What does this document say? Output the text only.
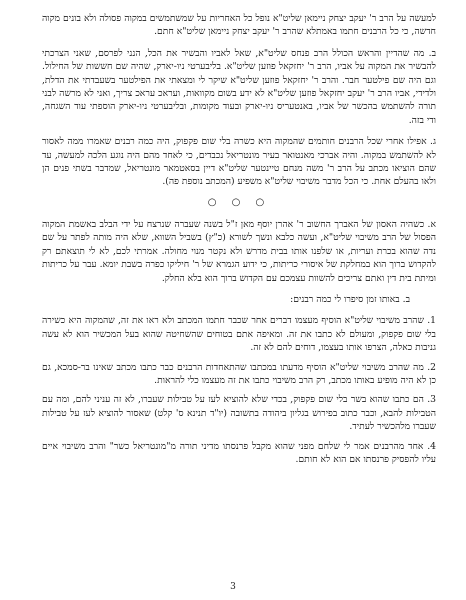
למעשה על הרב ר' יעקב יצחק ניימאן שליט"א נופל כל האחריות על שמשתמשים במקוה פסולה ולא בונים מקוה חדשה, כי כל הרבנים חתמו באמתלא שהרב ר' יעקב יצחק ניימאן שליט"א חתם.

ב. מה שהדיין והראש הכולל הרב פנחס שליט"א, שאל לאביו והבשיר את הכל, הנני לפרסם, שאני הצרכתי להבשיר את המקוה על אביו, הרב ר' יחזקאל פוזען שליט"א. בליבערטי ניו-יארק, שהיה שם חששות של החילול. וגם היה שם פילטער חבר. והרב ר' יחזקאל פוזען שליט"א שיקר לי ומצאתי את הפילטער בשעבדתי את הדלת, ולדידי, אביו הרב ר' יעקב יחזקאל פוזען שליט"א לא ידע בשום מקוואות, ועראכ עראכ צריך, ואני לא מרשה לבני תורה להשתמש בהכשר של אביו, באנטעריס ניו-יארק ובעוד מקומות, ובליבערטי ניו-יארק הוספתי עוד השגחה, ודי בזה.

ג. אפילו אחרי שכל הרבנים חותמים שהמקוה היא כשרה בלי שום פקפוק, היה כמה רבנים שאמרו ממה לאסור לא להשתמש במקוה. והיה אברכי מאנטואר בעיר מונטריאל נכבדים, כי לאחד מהם היה נוגע הלכה למעשה, עד שהם הוציאו מכתב על הרב ר' משה מנחם טיינטער שליט"א דיין בסאטמאר מונטריאל, שמדבר בשתי פנים הן ולאו בהעלם אחת. כי הכל מדבר משיבוי שליט"א משפיע (המכתב נוספת פה).

○ ○ ○

א. כשהיה האסון של האברך החשוב ר' אהרן יוסף מאן ז"ל בשנה שעברה שנרצח על ידי הבלב באשמת המקוה הפסול של הרב משיבוי שליט"א, ועשה כלבא ונשך לשורא (כ"ץ) בשביל השווא, שלא היה מותה לפתר על שם נדה שהוא בכרת ועריות, או שלפנו אותו בבית מדרש ולא נקטר מנוי מחולה. אמרתי לכם, לא לי תוצאתם רק להקדוש ברוך הוא במחלקת של איסורי כריתות, כי ידוע הגמרא של ר' חיליקו כפרה בשבת יומא. עבר על כריתות ומיתת בית דין ואתם צריכים להשוות עצמכם עם הקדוש ברוך הוא בלא החלק.

ב. באותו זמן סיפרו לי כמה רבנים:

1. שהרב משיבוי שליט"א הוסיף מעצמו דברים אחר שכבר חתמו המכתב ולא ראו את זה, שהמקוה היא כשירה בלי שום פקפוק, ומעולם לא כתבו את זה. ומאיפה אתם בטוחים שהשחיטה שהוא בעל המכשיר הוא לא עשה גניבות כאלה, הצרפו אותו בעצמו, דוחים להם לא זה.

2. מה שהרב משיבוי שליט"א הוסיף מדעתו במכתבו שהתאחדות הרבנים כבר כתבו מכתב שאינו בר-סמכא, גם כן לא היה מופיע באותו מכתב, רק הרב משיבוי כתבו את זה מעצמו כלי להראות.

3. הם כתבו שהוא בשר בלי שום פקפוק, בכדי שלא להוציא לעז על טבילות שעברו, לא זה עניני להם, ומה עם הטבילות להבא, וכבר כתוב בפירוש בגליון ביהודה בתשובה (יו"ד תנינא ס' קלט) שאסור להוציא לעז על טבילות שעברו מלהכשיר לעתיד.

4. אחד מהרבנים אמר לי שלחם מפני שהוא מקבל פרנסתו מדיני תורה מ"מונטריאל כשר" והרב משיבוי איים עליו להפסיק פרנסתו אם הוא לא חותם.

3
